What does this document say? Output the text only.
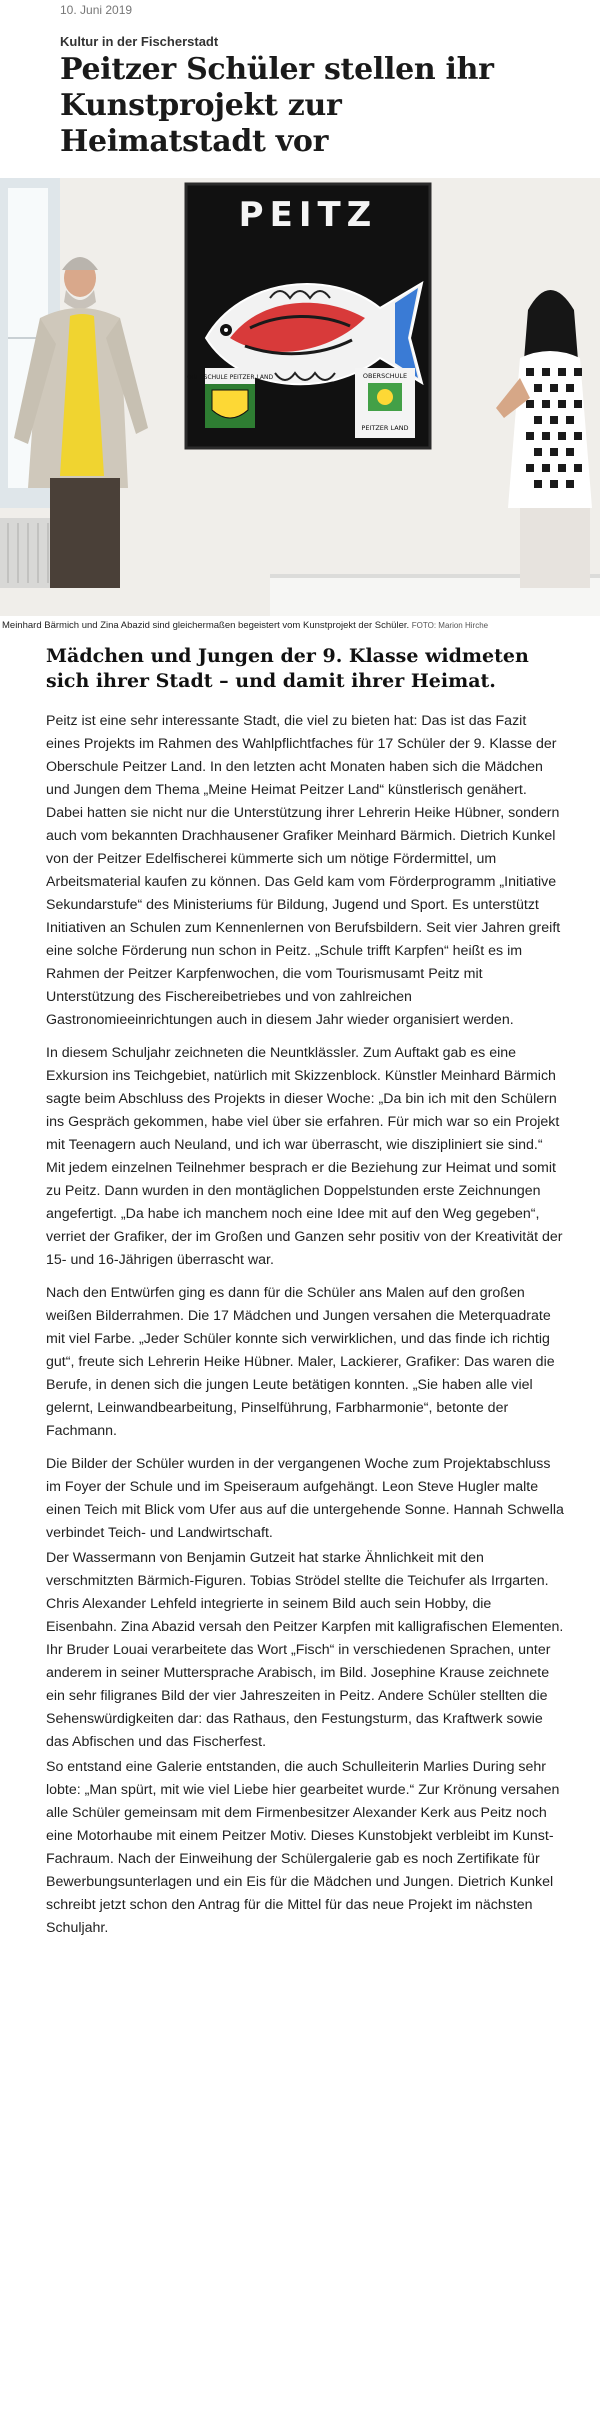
10. Juni 2019
Kultur in der Fischerstadt
Peitzer Schüler stellen ihr Kunstprojekt zur Heimatstadt vor
PEITZ
OBERSCHULE PEITZER LAND	OBERSCHULE
PEITZER LAND
Meinhard Bärmich und Zina Abazid sind gleichermaßen begeistert vom Kunstprojekt der Schüler. FOTO: Marion Hirche
Mädchen und Jungen der 9. Klasse widmeten sich ihrer Stadt – und damit ihrer Heimat.

Peitz ist eine sehr interessante Stadt, die viel zu bieten hat: Das ist das Fazit eines Projekts im Rahmen des Wahlpflichtfaches für 17 Schüler der 9. Klasse der Oberschule Peitzer Land. In den letzten acht Monaten haben sich die Mädchen und Jungen dem Thema „Meine Heimat Peitzer Land“ künstlerisch genähert. Dabei hatten sie nicht nur die Unterstützung ihrer Lehrerin Heike Hübner, sondern auch vom bekannten Drachhausener Grafiker Meinhard Bärmich. Dietrich Kunkel von der Peitzer Edelfischerei kümmerte sich um nötige Fördermittel, um Arbeitsmaterial kaufen zu können. Das Geld kam vom Förderprogramm „Initiative Sekundarstufe“ des Ministeriums für Bildung, Jugend und Sport. Es unterstützt Initiativen an Schulen zum Kennenlernen von Berufsbildern. Seit vier Jahren greift eine solche Förderung nun schon in Peitz. „Schule trifft Karpfen“ heißt es im Rahmen der Peitzer Karpfenwochen, die vom Tourismusamt Peitz mit Unterstützung des Fischereibetriebes und von zahlreichen Gastronomieeinrichtungen auch in diesem Jahr wieder organisiert werden.

In diesem Schuljahr zeichneten die Neuntklässler. Zum Auftakt gab es eine Exkursion ins Teichgebiet, natürlich mit Skizzenblock. Künstler Meinhard Bärmich sagte beim Abschluss des Projekts in dieser Woche: „Da bin ich mit den Schülern ins Gespräch gekommen, habe viel über sie erfahren. Für mich war so ein Projekt mit Teenagern auch Neuland, und ich war überrascht, wie diszipliniert sie sind.“ Mit jedem einzelnen Teilnehmer besprach er die Beziehung zur Heimat und somit zu Peitz. Dann wurden in den montäglichen Doppelstunden erste Zeichnungen angefertigt. „Da habe ich manchem noch eine Idee mit auf den Weg gegeben“, verriet der Grafiker, der im Großen und Ganzen sehr positiv von der Kreativität der 15- und 16-Jährigen überrascht war.

Nach den Entwürfen ging es dann für die Schüler ans Malen auf den großen weißen Bilderrahmen. Die 17 Mädchen und Jungen versahen die Meterquadrate mit viel Farbe. „Jeder Schüler konnte sich verwirklichen, und das finde ich richtig gut“, freute sich Lehrerin Heike Hübner. Maler, Lackierer, Grafiker: Das waren die Berufe, in denen sich die jungen Leute betätigen konnten. „Sie haben alle viel gelernt, Leinwandbearbeitung, Pinselführung, Farbharmonie“, betonte der Fachmann.

Die Bilder der Schüler wurden in der vergangenen Woche zum Projektabschluss im Foyer der Schule und im Speiseraum aufgehängt. Leon Steve Hugler malte einen Teich mit Blick vom Ufer aus auf die untergehende Sonne. Hannah Schwella verbindet Teich- und Landwirtschaft.

Der Wassermann von Benjamin Gutzeit hat starke Ähnlichkeit mit den verschmitzten Bärmich-Figuren. Tobias Strödel stellte die Teichufer als Irrgarten. Chris Alexander Lehfeld integrierte in seinem Bild auch sein Hobby, die Eisenbahn. Zina Abazid versah den Peitzer Karpfen mit kalligrafischen Elementen. Ihr Bruder Louai verarbeitete das Wort „Fisch“ in verschiedenen Sprachen, unter anderem in seiner Muttersprache Arabisch, im Bild. Josephine Krause zeichnete ein sehr filigranes Bild der vier Jahreszeiten in Peitz. Andere Schüler stellten die Sehenswürdigkeiten dar: das Rathaus, den Festungsturm, das Kraftwerk sowie das Abfischen und das Fischerfest.

So entstand eine Galerie entstanden, die auch Schulleiterin Marlies During sehr lobte: „Man spürt, mit wie viel Liebe hier gearbeitet wurde.“ Zur Krönung versahen alle Schüler gemeinsam mit dem Firmenbesitzer Alexander Kerk aus Peitz noch eine Motorhaube mit einem Peitzer Motiv. Dieses Kunstobjekt verbleibt im Kunst-Fachraum. Nach der Einweihung der Schülergalerie gab es noch Zertifikate für Bewerbungsunterlagen und ein Eis für die Mädchen und Jungen. Dietrich Kunkel schreibt jetzt schon den Antrag für die Mittel für das neue Projekt im nächsten Schuljahr.
